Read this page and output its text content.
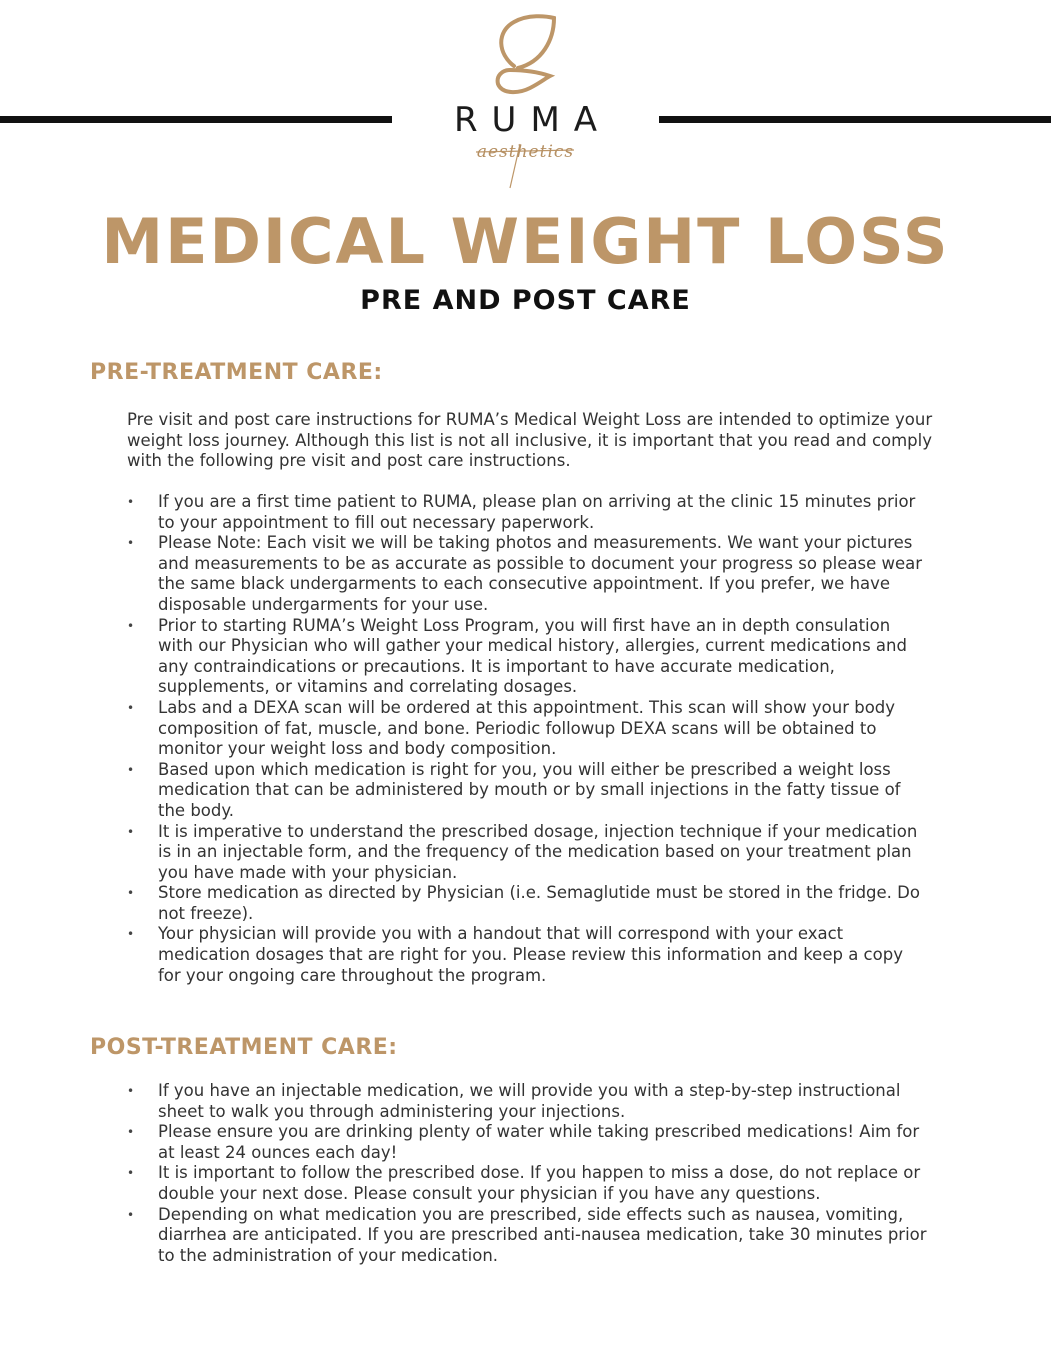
RUMA
aesthetics
MEDICAL WEIGHT LOSS
PRE AND POST CARE
PRE-TREATMENT CARE:
Pre visit and post care instructions for RUMA’s Medical Weight Loss are intended to optimize your weight loss journey. Although this list is not all inclusive, it is important that you read and comply with the following pre visit and post care instructions.
• If you are a first time patient to RUMA, please plan on arriving at the clinic 15 minutes prior to your appointment to fill out necessary paperwork.
• Please Note: Each visit we will be taking photos and measurements. We want your pictures and measurements to be as accurate as possible to document your progress so please wear the same black undergarments to each consecutive appointment. If you prefer, we have disposable undergarments for your use.
• Prior to starting RUMA’s Weight Loss Program, you will first have an in depth consulation with our Physician who will gather your medical history, allergies, current medications and any contraindications or precautions. It is important to have accurate medication, supplements, or vitamins and correlating dosages.
• Labs and a DEXA scan will be ordered at this appointment. This scan will show your body composition of fat, muscle, and bone. Periodic followup DEXA scans will be obtained to monitor your weight loss and body composition.
• Based upon which medication is right for you, you will either be prescribed a weight loss medication that can be administered by mouth or by small injections in the fatty tissue of the body.
• It is imperative to understand the prescribed dosage, injection technique if your medication is in an injectable form, and the frequency of the medication based on your treatment plan you have made with your physician.
• Store medication as directed by Physician (i.e. Semaglutide must be stored in the fridge. Do not freeze).
• Your physician will provide you with a handout that will correspond with your exact medication dosages that are right for you. Please review this information and keep a copy for your ongoing care throughout the program.
POST-TREATMENT CARE:
• If you have an injectable medication, we will provide you with a step-by-step instructional sheet to walk you through administering your injections.
• Please ensure you are drinking plenty of water while taking prescribed medications! Aim for at least 24 ounces each day!
• It is important to follow the prescribed dose. If you happen to miss a dose, do not replace or double your next dose. Please consult your physician if you have any questions.
• Depending on what medication you are prescribed, side effects such as nausea, vomiting, diarrhea are anticipated. If you are prescribed anti-nausea medication, take 30 minutes prior to the administration of your medication.
